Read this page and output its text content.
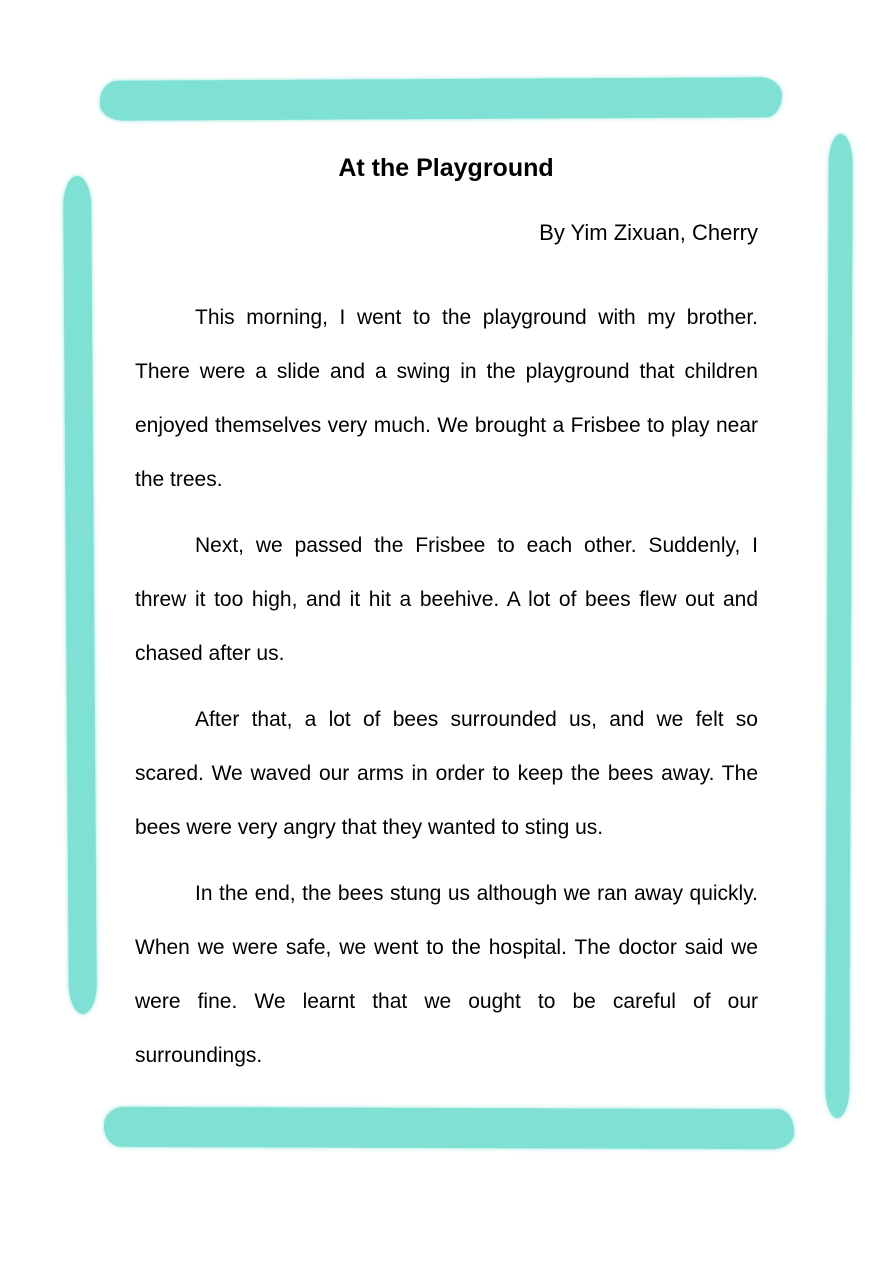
At the Playground
By Yim Zixuan, Cherry

This morning, I went to the playground with my brother. There were a slide and a swing in the playground that children enjoyed themselves very much. We brought a Frisbee to play near the trees.

Next, we passed the Frisbee to each other. Suddenly, I threw it too high, and it hit a beehive. A lot of bees flew out and chased after us.

After that, a lot of bees surrounded us, and we felt so scared. We waved our arms in order to keep the bees away. The bees were very angry that they wanted to sting us.

In the end, the bees stung us although we ran away quickly. When we were safe, we went to the hospital. The doctor said we were fine. We learnt that we ought to be careful of our surroundings.
